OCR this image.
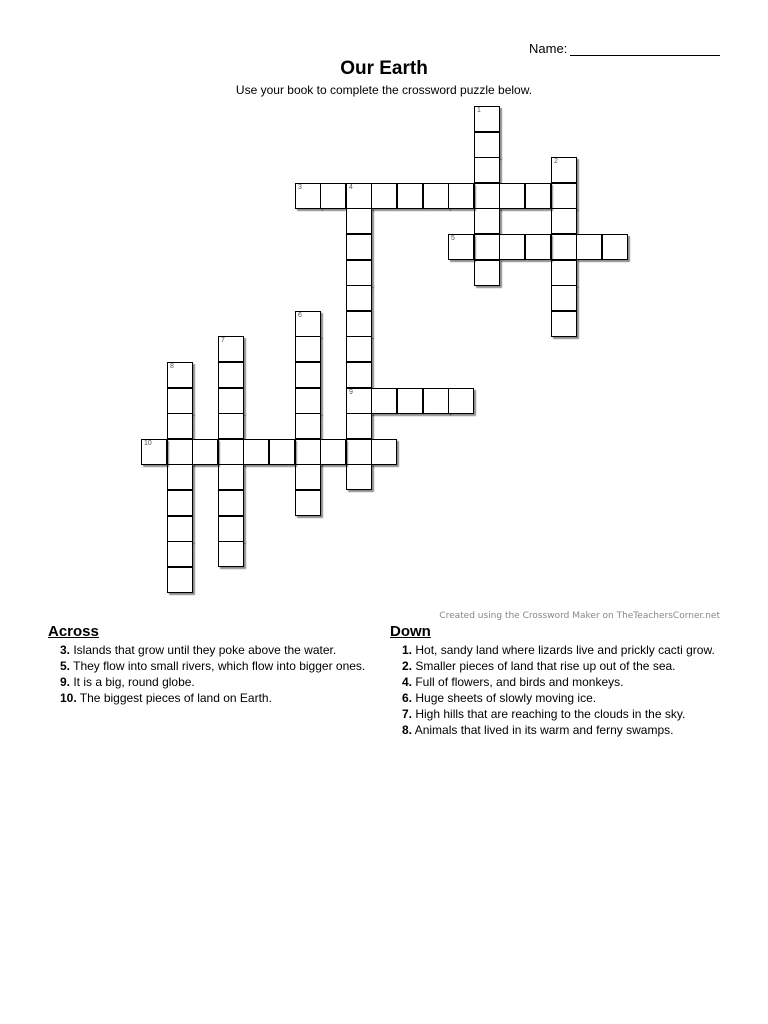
Name:
Our Earth
Use your book to complete the crossword puzzle below.
1
2
3	4
9
5
6
7
8
10
Created using the Crossword Maker on TheTeachersCorner.net
Across
3. Islands that grow until they poke above the water.
5. They flow into small rivers, which flow into bigger ones.
9. It is a big, round globe.
10. The biggest pieces of land on Earth.
Down
1. Hot, sandy land where lizards live and prickly cacti grow.
2. Smaller pieces of land that rise up out of the sea.
4. Full of flowers, and birds and monkeys.
6. Huge sheets of slowly moving ice.
7. High hills that are reaching to the clouds in the sky.
8. Animals that lived in its warm and ferny swamps.
